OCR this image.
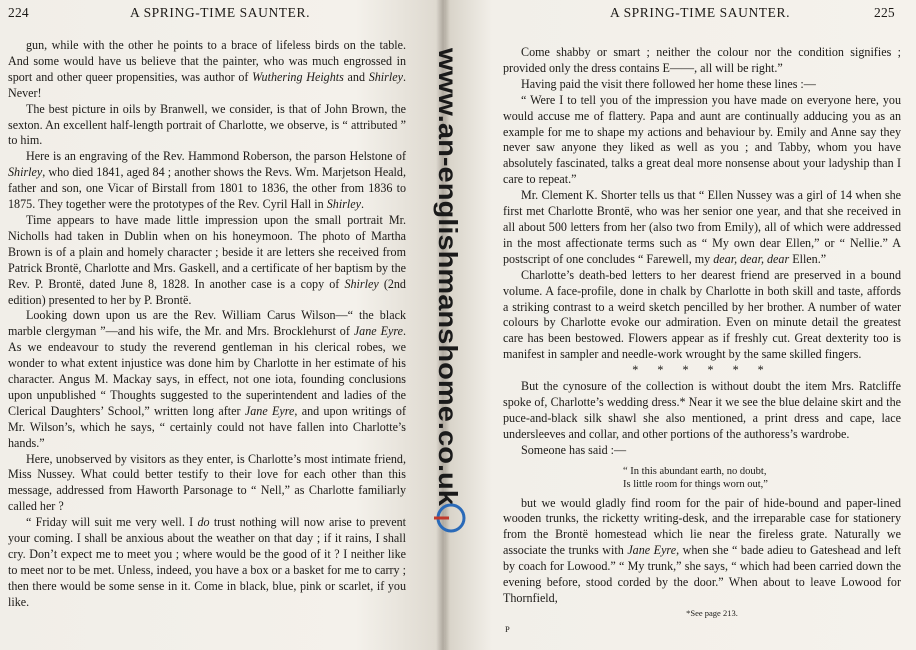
224	A SPRING-TIME SAUNTER.

gun, while with the other he points to a brace of lifeless birds on the table. And some would have us believe that the painter, who was much engrossed in sport and other queer propensities, was author of Wuthering Heights and Shirley. Never!

The best picture in oils by Branwell, we consider, is that of John Brown, the sexton. An excellent half-length portrait of Charlotte, we observe, is “ attributed ” to him.

Here is an engraving of the Rev. Hammond Roberson, the parson Helstone of Shirley, who died 1841, aged 84 ; another shows the Revs. Wm. Marjetson Heald, father and son, one Vicar of Birstall from 1801 to 1836, the other from 1836 to 1875. They together were the prototypes of the Rev. Cyril Hall in Shirley.

Time appears to have made little impression upon the small portrait Mr. Nicholls had taken in Dublin when on his honeymoon. The photo of Martha Brown is of a plain and homely character ; beside it are letters she received from Patrick Brontë, Charlotte and Mrs. Gaskell, and a certificate of her baptism by the Rev. P. Brontë, dated June 8, 1828. In another case is a copy of Shirley (2nd edition) presented to her by P. Brontë.

Looking down upon us are the Rev. William Carus Wilson—“ the black marble clergyman ”—and his wife, the Mr. and Mrs. Brocklehurst of Jane Eyre. As we endeavour to study the reverend gentleman in his clerical robes, we wonder to what extent injustice was done him by Charlotte in her estimate of his character. Angus M. Mackay says, in effect, not one iota, founding conclusions upon unpublished “ Thoughts suggested to the superintendent and ladies of the Clerical Daughters’ School,” written long after Jane Eyre, and upon writings of Mr. Wilson’s, which he says, “ certainly could not have fallen into Charlotte’s hands.”

Here, unobserved by visitors as they enter, is Charlotte’s most intimate friend, Miss Nussey. What could better testify to their love for each other than this message, addressed from Haworth Parsonage to “ Nell,” as Charlotte familiarly called her ?

“ Friday will suit me very well. I do trust nothing will now arise to prevent your coming. I shall be anxious about the weather on that day ; if it rains, I shall cry. Don’t expect me to meet you ; where would be the good of it ? I neither like to meet nor to be met. Unless, indeed, you have a box or a basket for me to carry ; then there would be some sense in it. Come in black, blue, pink or scarlet, if you like.

A SPRING-TIME SAUNTER.	225

Come shabby or smart ; neither the colour nor the condition signifies ; provided only the dress contains E——, all will be right.”

Having paid the visit there followed her home these lines :—

“ Were I to tell you of the impression you have made on everyone here, you would accuse me of flattery. Papa and aunt are continually adducing you as an example for me to shape my actions and behaviour by. Emily and Anne say they never saw anyone they liked as well as you ; and Tabby, whom you have absolutely fascinated, talks a great deal more nonsense about your ladyship than I care to repeat.”

Mr. Clement K. Shorter tells us that “ Ellen Nussey was a girl of 14 when she first met Charlotte Brontë, who was her senior one year, and that she received in all about 500 letters from her (also two from Emily), all of which were addressed in the most affectionate terms such as “ My own dear Ellen,” or “ Nellie.” A postscript of one concludes “ Farewell, my dear, dear, dear Ellen.”

Charlotte’s death-bed letters to her dearest friend are preserved in a bound volume. A face-profile, done in chalk by Charlotte in both skill and taste, affords a striking contrast to a weird sketch pencilled by her brother. A number of water colours by Charlotte evoke our admiration. Even on minute detail the greatest care has been bestowed. Flowers appear as if freshly cut. Great dexterity too is manifest in sampler and needle-work wrought by the same skilled fingers.

* * * * * *

But the cynosure of the collection is without doubt the item Mrs. Ratcliffe spoke of, Charlotte’s wedding dress.* Near it we see the blue delaine skirt and the puce-and-black silk shawl she also mentioned, a print dress and cape, lace undersleeves and collar, and other portions of the authoress’s wardrobe.

Someone has said :—

“ In this abundant earth, no doubt,
Is little room for things worn out,”

but we would gladly find room for the pair of hide-bound and paper-lined wooden trunks, the ricketty writing-desk, and the irreparable case for stationery from the Brontë homestead which lie near the fireless grate. Naturally we associate the trunks with Jane Eyre, when she “ bade adieu to Gateshead and left by coach for Lowood.” “ My trunk,” she says, “ which had been carried down the evening before, stood corded by the door.” When about to leave Lowood for Thornfield,

*See page 213.
P
www.an-englishmanshome.co.uk
